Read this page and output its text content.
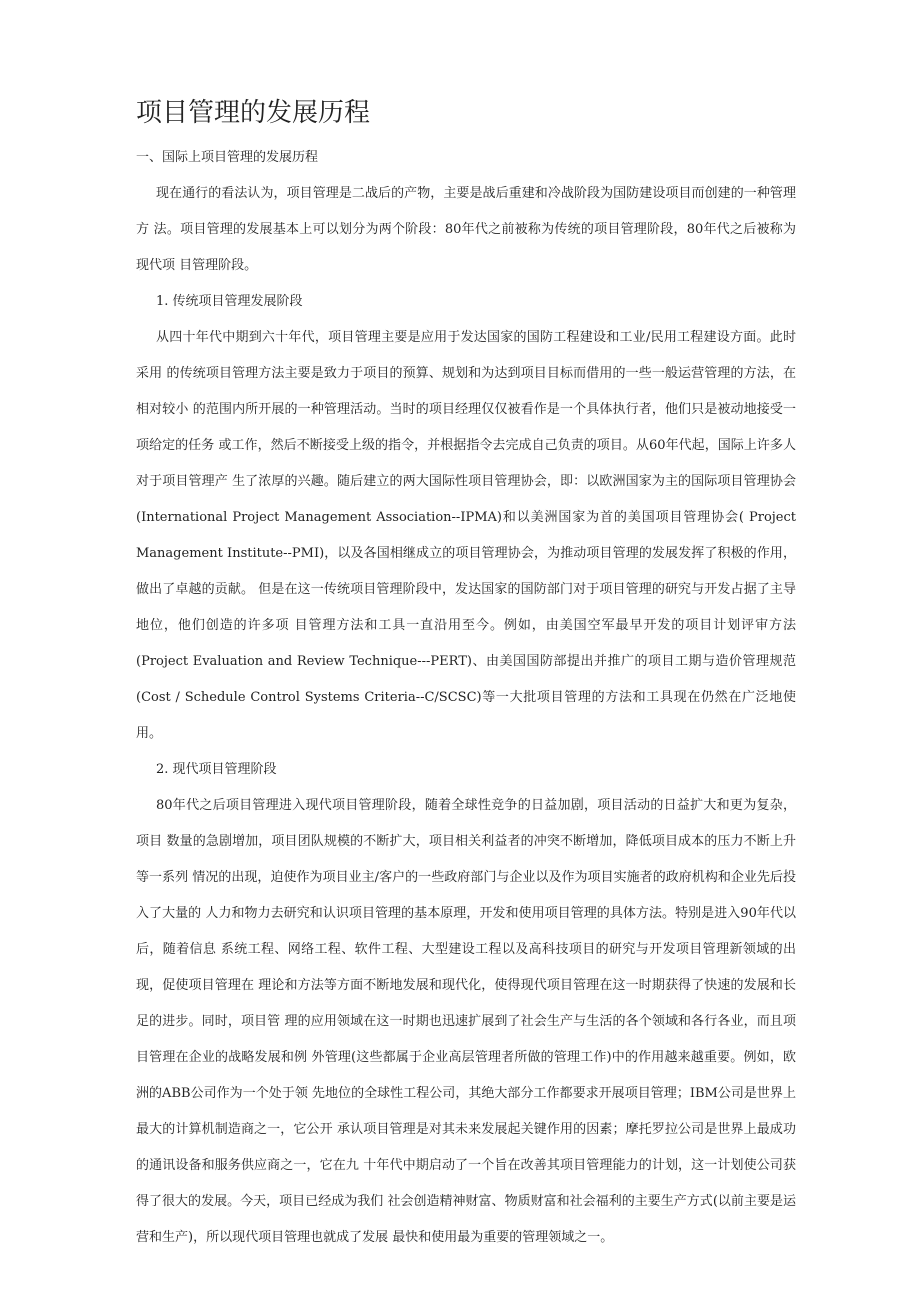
项目管理的发展历程

一、国际上项目管理的发展历程

现在通行的看法认为，项目管理是二战后的产物，主要是战后重建和冷战阶段为国防建设项目而创建的一种管理方 法。项目管理的发展基本上可以划分为两个阶段：80年代之前被称为传统的项目管理阶段，80年代之后被称为现代项 目管理阶段。

1. 传统项目管理发展阶段

从四十年代中期到六十年代，项目管理主要是应用于发达国家的国防工程建设和工业/民用工程建设方面。此时采用 的传统项目管理方法主要是致力于项目的预算、规划和为达到项目目标而借用的一些一般运营管理的方法，在相对较小 的范围内所开展的一种管理活动。当时的项目经理仅仅被看作是一个具体执行者，他们只是被动地接受一项给定的任务 或工作，然后不断接受上级的指令，并根据指令去完成自己负责的项目。从60年代起，国际上许多人对于项目管理产 生了浓厚的兴趣。随后建立的两大国际性项目管理协会，即：以欧洲国家为主的国际项目管理协会(International Project Management Association--IPMA)和以美洲国家为首的美国项目管理协会( Project Management Institute--PMI)，以及各国相继成立的项目管理协会，为推动项目管理的发展发挥了积极的作用，做出了卓越的贡献。 但是在这一传统项目管理阶段中，发达国家的国防部门对于项目管理的研究与开发占据了主导地位，他们创造的许多项 目管理方法和工具一直沿用至今。例如，由美国空军最早开发的项目计划评审方法(Project Evaluation and Review Technique---PERT)、由美国国防部提出并推广的项目工期与造价管理规范(Cost / Schedule Control Systems Criteria--C/SCSC)等一大批项目管理的方法和工具现在仍然在广泛地使用。

2. 现代项目管理阶段

80年代之后项目管理进入现代项目管理阶段，随着全球性竞争的日益加剧，项目活动的日益扩大和更为复杂，项目 数量的急剧增加，项目团队规模的不断扩大，项目相关利益者的冲突不断增加，降低项目成本的压力不断上升等一系列 情况的出现，迫使作为项目业主/客户的一些政府部门与企业以及作为项目实施者的政府机构和企业先后投入了大量的 人力和物力去研究和认识项目管理的基本原理，开发和使用项目管理的具体方法。特别是进入90年代以后，随着信息 系统工程、网络工程、软件工程、大型建设工程以及高科技项目的研究与开发项目管理新领域的出现，促使项目管理在 理论和方法等方面不断地发展和现代化，使得现代项目管理在这一时期获得了快速的发展和长足的进步。同时，项目管 理的应用领域在这一时期也迅速扩展到了社会生产与生活的各个领域和各行各业，而且项目管理在企业的战略发展和例 外管理(这些都属于企业高层管理者所做的管理工作)中的作用越来越重要。例如，欧洲的ABB公司作为一个处于领 先地位的全球性工程公司，其绝大部分工作都要求开展项目管理；IBM公司是世界上最大的计算机制造商之一，它公开 承认项目管理是对其未来发展起关键作用的因素；摩托罗拉公司是世界上最成功的通讯设备和服务供应商之一，它在九 十年代中期启动了一个旨在改善其项目管理能力的计划，这一计划使公司获得了很大的发展。今天，项目已经成为我们 社会创造精神财富、物质财富和社会福利的主要生产方式(以前主要是运营和生产)，所以现代项目管理也就成了发展 最快和使用最为重要的管理领域之一。
